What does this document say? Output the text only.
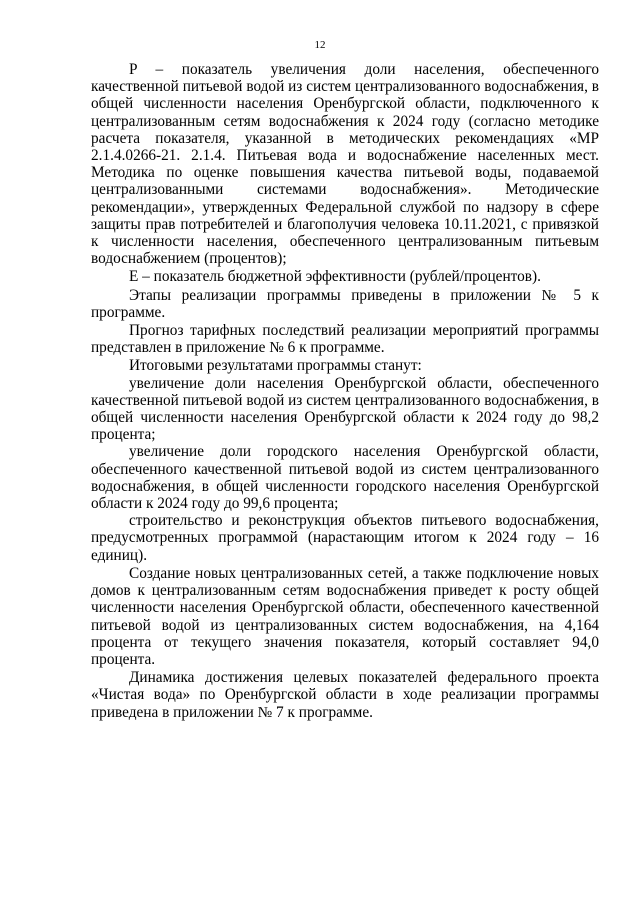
12

P – показатель увеличения доли населения, обеспеченного качественной питьевой водой из систем централизованного водоснабжения, в общей численности населения Оренбургской области, подключенного к централизованным сетям водоснабжения к 2024 году (согласно методике расчета показателя, указанной в методических рекомендациях «МР 2.1.4.0266-21. 2.1.4. Питьевая вода и водоснабжение населенных мест. Методика по оценке повышения качества питьевой воды, подаваемой централизованными системами водоснабжения». Методические рекомендации», утвержденных Федеральной службой по надзору в сфере защиты прав потребителей и благополучия человека 10.11.2021, с привязкой к численности населения, обеспеченного централизованным питьевым водоснабжением (процентов);

E – показатель бюджетной эффективности (рублей/процентов).

Этапы реализации программы приведены в приложении № 5 к программе.

Прогноз тарифных последствий реализации мероприятий программы представлен в приложение № 6 к программе.

Итоговыми результатами программы станут:

увеличение доли населения Оренбургской области, обеспеченного качественной питьевой водой из систем централизованного водоснабжения, в общей численности населения Оренбургской области к 2024 году до 98,2 процента;

увеличение доли городского населения Оренбургской области, обеспеченного качественной питьевой водой из систем централизованного водоснабжения, в общей численности городского населения Оренбургской области к 2024 году до 99,6 процента;

строительство и реконструкция объектов питьевого водоснабжения, предусмотренных программой (нарастающим итогом к 2024 году – 16 единиц).

Создание новых централизованных сетей, а также подключение новых домов к централизованным сетям водоснабжения приведет к росту общей численности населения Оренбургской области, обеспеченного качественной питьевой водой из централизованных систем водоснабжения, на 4,164 процента от текущего значения показателя, который составляет 94,0 процента.

Динамика достижения целевых показателей федерального проекта «Чистая вода» по Оренбургской области в ходе реализации программы приведена в приложении № 7 к программе.
